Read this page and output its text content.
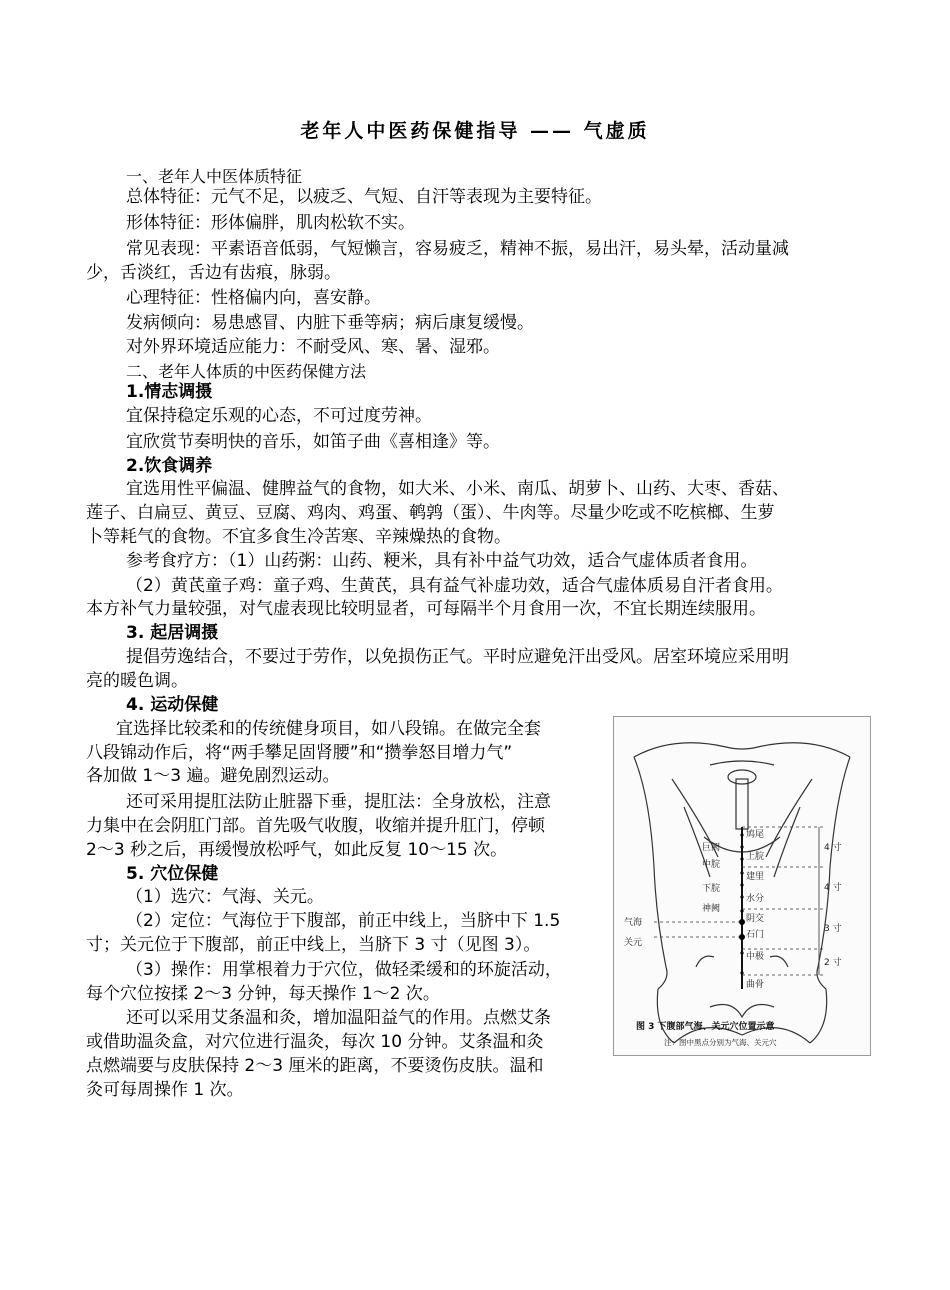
老年人中医药保健指导 —— 气虚质
一、老年人中医体质特征
总体特征：元气不足，以疲乏、气短、自汗等表现为主要特征。
形体特征：形体偏胖，肌肉松软不实。
常见表现：平素语音低弱，气短懒言，容易疲乏，精神不振，易出汗，易头晕，活动量减
少，舌淡红，舌边有齿痕，脉弱。
心理特征：性格偏内向，喜安静。
发病倾向：易患感冒、内脏下垂等病；病后康复缓慢。
对外界环境适应能力：不耐受风、寒、暑、湿邪。
二、老年人体质的中医药保健方法
1.情志调摄
宜保持稳定乐观的心态，不可过度劳神。
宜欣赏节奏明快的音乐，如笛子曲《喜相逢》等。
2.饮食调养
宜选用性平偏温、健脾益气的食物，如大米、小米、南瓜、胡萝卜、山药、大枣、香菇、
莲子、白扁豆、黄豆、豆腐、鸡肉、鸡蛋、鹌鹑（蛋）、牛肉等。尽量少吃或不吃槟榔、生萝
卜等耗气的食物。不宜多食生冷苦寒、辛辣燥热的食物。
参考食疗方：（1）山药粥：山药、粳米，具有补中益气功效，适合气虚体质者食用。
（2）黄芪童子鸡：童子鸡、生黄芪，具有益气补虚功效，适合气虚体质易自汗者食用。
本方补气力量较强，对气虚表现比较明显者，可每隔半个月食用一次，不宜长期连续服用。
3. 起居调摄
提倡劳逸结合，不要过于劳作，以免损伤正气。平时应避免汗出受风。居室环境应采用明
亮的暖色调。
4. 运动保健
宜选择比较柔和的传统健身项目，如八段锦。在做完全套
八段锦动作后，将“两手攀足固肾腰”和“攒拳怒目增力气”
各加做 1～3 遍。避免剧烈运动。
还可采用提肛法防止脏器下垂，提肛法：全身放松，注意
力集中在会阴肛门部。首先吸气收腹，收缩并提升肛门，停顿
2～3 秒之后，再缓慢放松呼气，如此反复 10～15 次。
5. 穴位保健
（1）选穴：气海、关元。
（2）定位：气海位于下腹部，前正中线上，当脐中下 1.5
寸；关元位于下腹部，前正中线上，当脐下 3 寸（见图 3）。
（3）操作：用掌根着力于穴位，做轻柔缓和的环旋活动，
每个穴位按揉 2～3 分钟，每天操作 1～2 次。
还可以采用艾条温和灸，增加温阳益气的作用。点燃艾条
或借助温灸盒，对穴位进行温灸，每次 10 分钟。艾条温和灸
点燃端要与皮肤保持 2～3 厘米的距离，不要烫伤皮肤。温和
灸可每周操作 1 次。
巨阙
中脘
下脘
神阙
气海
关元
鸠尾
上脘
建里
水分
阴交
石门
中极
曲骨
4 寸
4 寸
3 寸
2 寸
图 3 下腹部气海、关元穴位置示意
注：图中黑点分别为气海、关元穴
